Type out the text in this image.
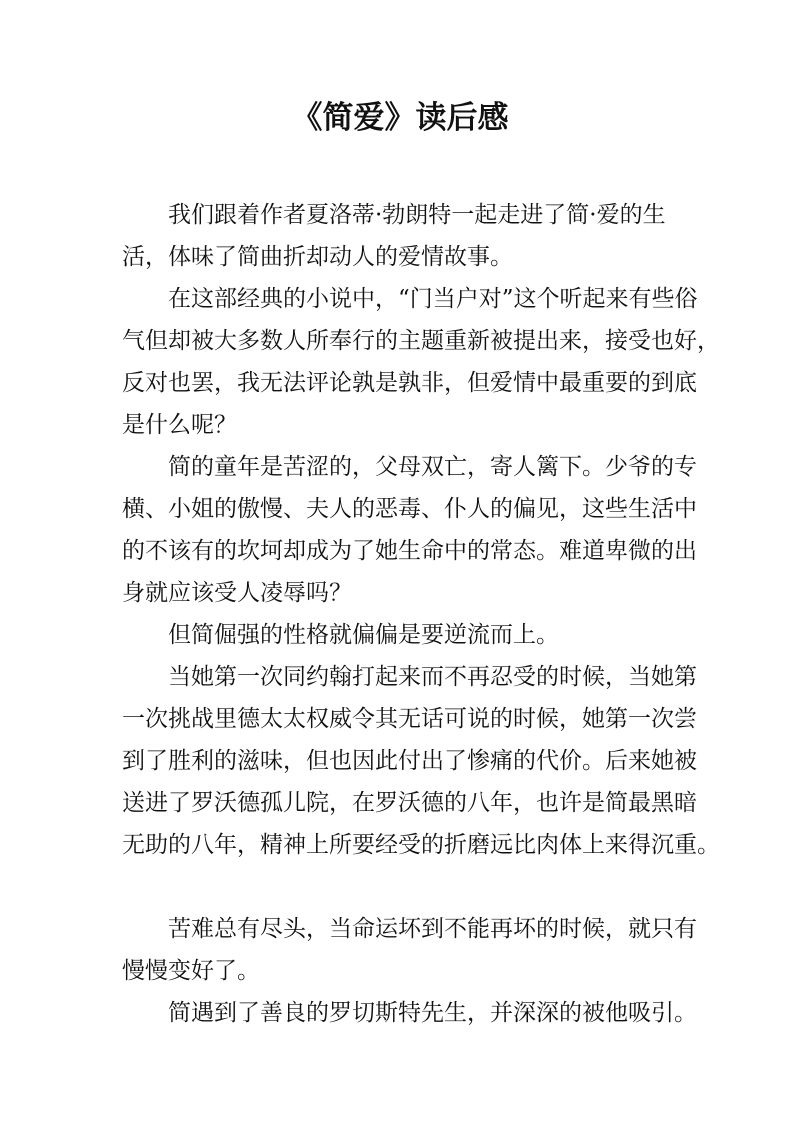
《简爱》读后感
我们跟着作者夏洛蒂·勃朗特一起走进了简·爱的生
活，体味了简曲折却动人的爱情故事。
在这部经典的小说中，“门当户对”这个听起来有些俗
气但却被大多数人所奉行的主题重新被提出来，接受也好，
反对也罢，我无法评论孰是孰非，但爱情中最重要的到底
是什么呢？
简的童年是苦涩的，父母双亡，寄人篱下。少爷的专
横、小姐的傲慢、夫人的恶毒、仆人的偏见，这些生活中
的不该有的坎坷却成为了她生命中的常态。难道卑微的出
身就应该受人凌辱吗？
但简倔强的性格就偏偏是要逆流而上。
当她第一次同约翰打起来而不再忍受的时候，当她第
一次挑战里德太太权威令其无话可说的时候，她第一次尝
到了胜利的滋味，但也因此付出了惨痛的代价。后来她被
送进了罗沃德孤儿院，在罗沃德的八年，也许是简最黑暗
无助的八年，精神上所要经受的折磨远比肉体上来得沉重。
苦难总有尽头，当命运坏到不能再坏的时候，就只有
慢慢变好了。
简遇到了善良的罗切斯特先生，并深深的被他吸引。
